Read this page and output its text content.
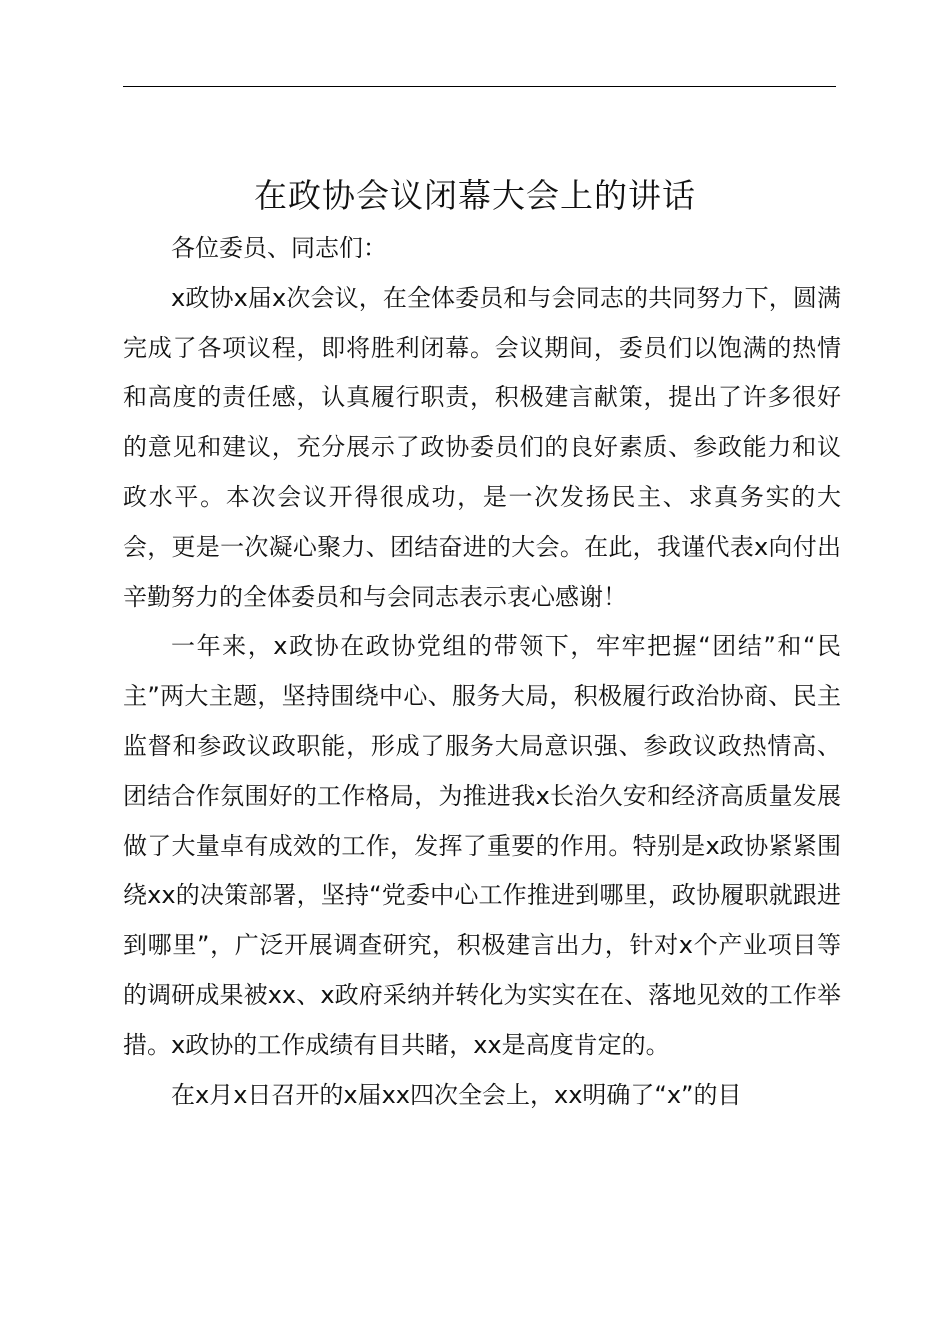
在政协会议闭幕大会上的讲话

各位委员、同志们：

x政协x届x次会议，在全体委员和与会同志的共同努力下，圆满完成了各项议程，即将胜利闭幕。会议期间，委员们以饱满的热情和高度的责任感，认真履行职责，积极建言献策，提出了许多很好的意见和建议，充分展示了政协委员们的良好素质、参政能力和议政水平。本次会议开得很成功，是一次发扬民主、求真务实的大会，更是一次凝心聚力、团结奋进的大会。在此，我谨代表x向付出辛勤努力的全体委员和与会同志表示衷心感谢！

一年来，x政协在政协党组的带领下，牢牢把握“团结”和“民主”两大主题，坚持围绕中心、服务大局，积极履行政治协商、民主监督和参政议政职能，形成了服务大局意识强、参政议政热情高、团结合作氛围好的工作格局，为推进我x长治久安和经济高质量发展做了大量卓有成效的工作，发挥了重要的作用。特别是x政协紧紧围绕xx的决策部署，坚持“党委中心工作推进到哪里，政协履职就跟进到哪里”，广泛开展调查研究，积极建言出力，针对x个产业项目等的调研成果被xx、x政府采纳并转化为实实在在、落地见效的工作举措。x政协的工作成绩有目共睹，xx是高度肯定的。

在x月x日召开的x届xx四次全会上，xx明确了“x”的目
